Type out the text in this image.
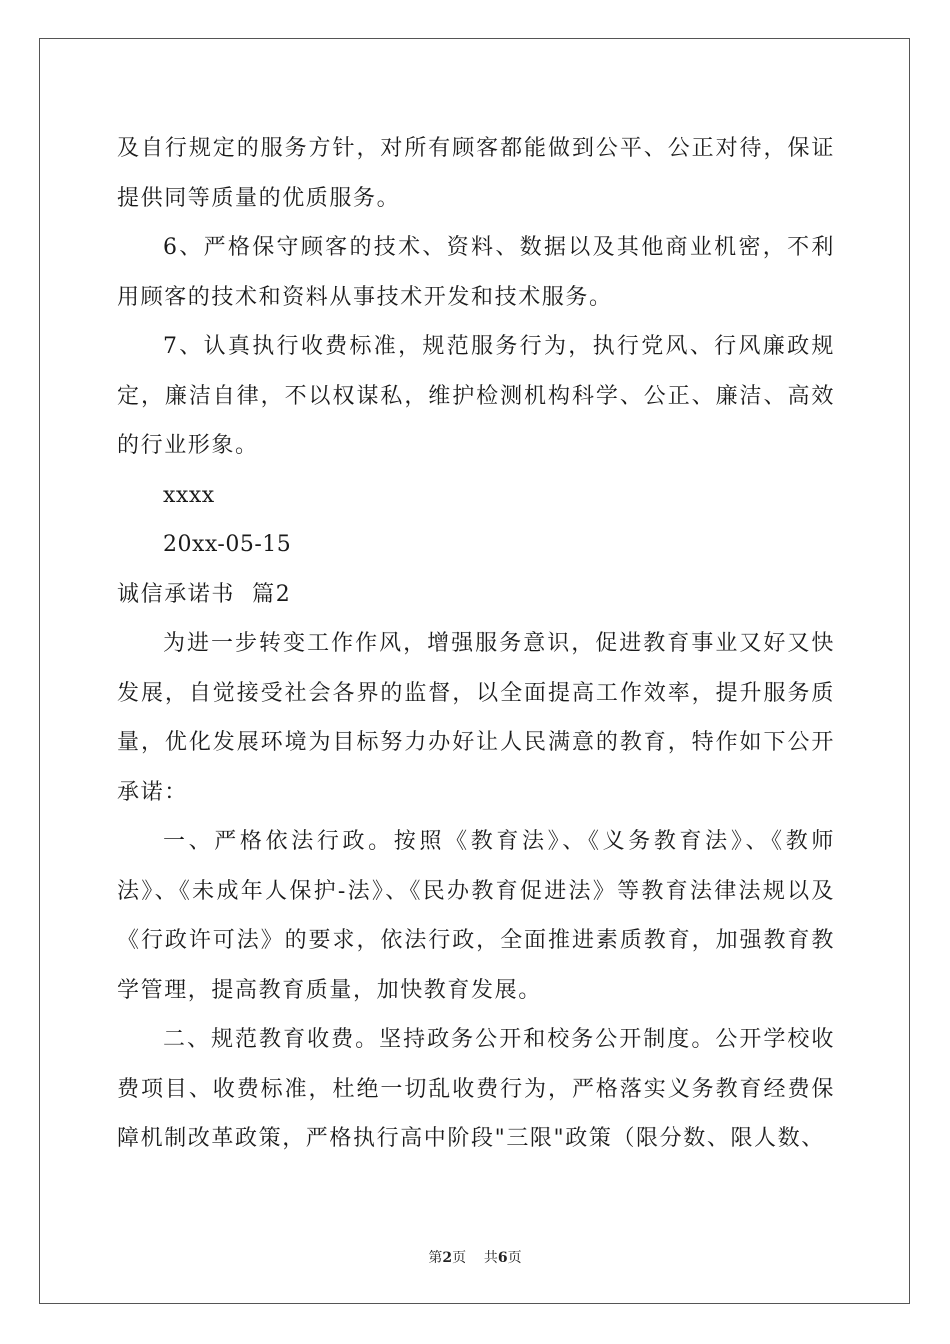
及自行规定的服务方针，对所有顾客都能做到公平、公正对待，保证提供同等质量的优质服务。

6、严格保守顾客的技术、资料、数据以及其他商业机密，不利用顾客的技术和资料从事技术开发和技术服务。

7、认真执行收费标准，规范服务行为，执行党风、行风廉政规定，廉洁自律，不以权谋私，维护检测机构科学、公正、廉洁、高效的行业形象。

xxxx

20xx-05-15

诚信承诺书  篇2

为进一步转变工作作风，增强服务意识，促进教育事业又好又快发展，自觉接受社会各界的监督，以全面提高工作效率，提升服务质量，优化发展环境为目标努力办好让人民满意的教育，特作如下公开承诺：

一、严格依法行政。按照《教育法》、《义务教育法》、《教师法》、《未成年人保护-法》、《民办教育促进法》等教育法律法规以及《行政许可法》的要求，依法行政，全面推进素质教育，加强教育教学管理，提高教育质量，加快教育发展。

二、规范教育收费。坚持政务公开和校务公开制度。公开学校收费项目、收费标准，杜绝一切乱收费行为，严格落实义务教育经费保障机制改革政策，严格执行高中阶段"三限"政策（限分数、限人数、

第2页    共6页
